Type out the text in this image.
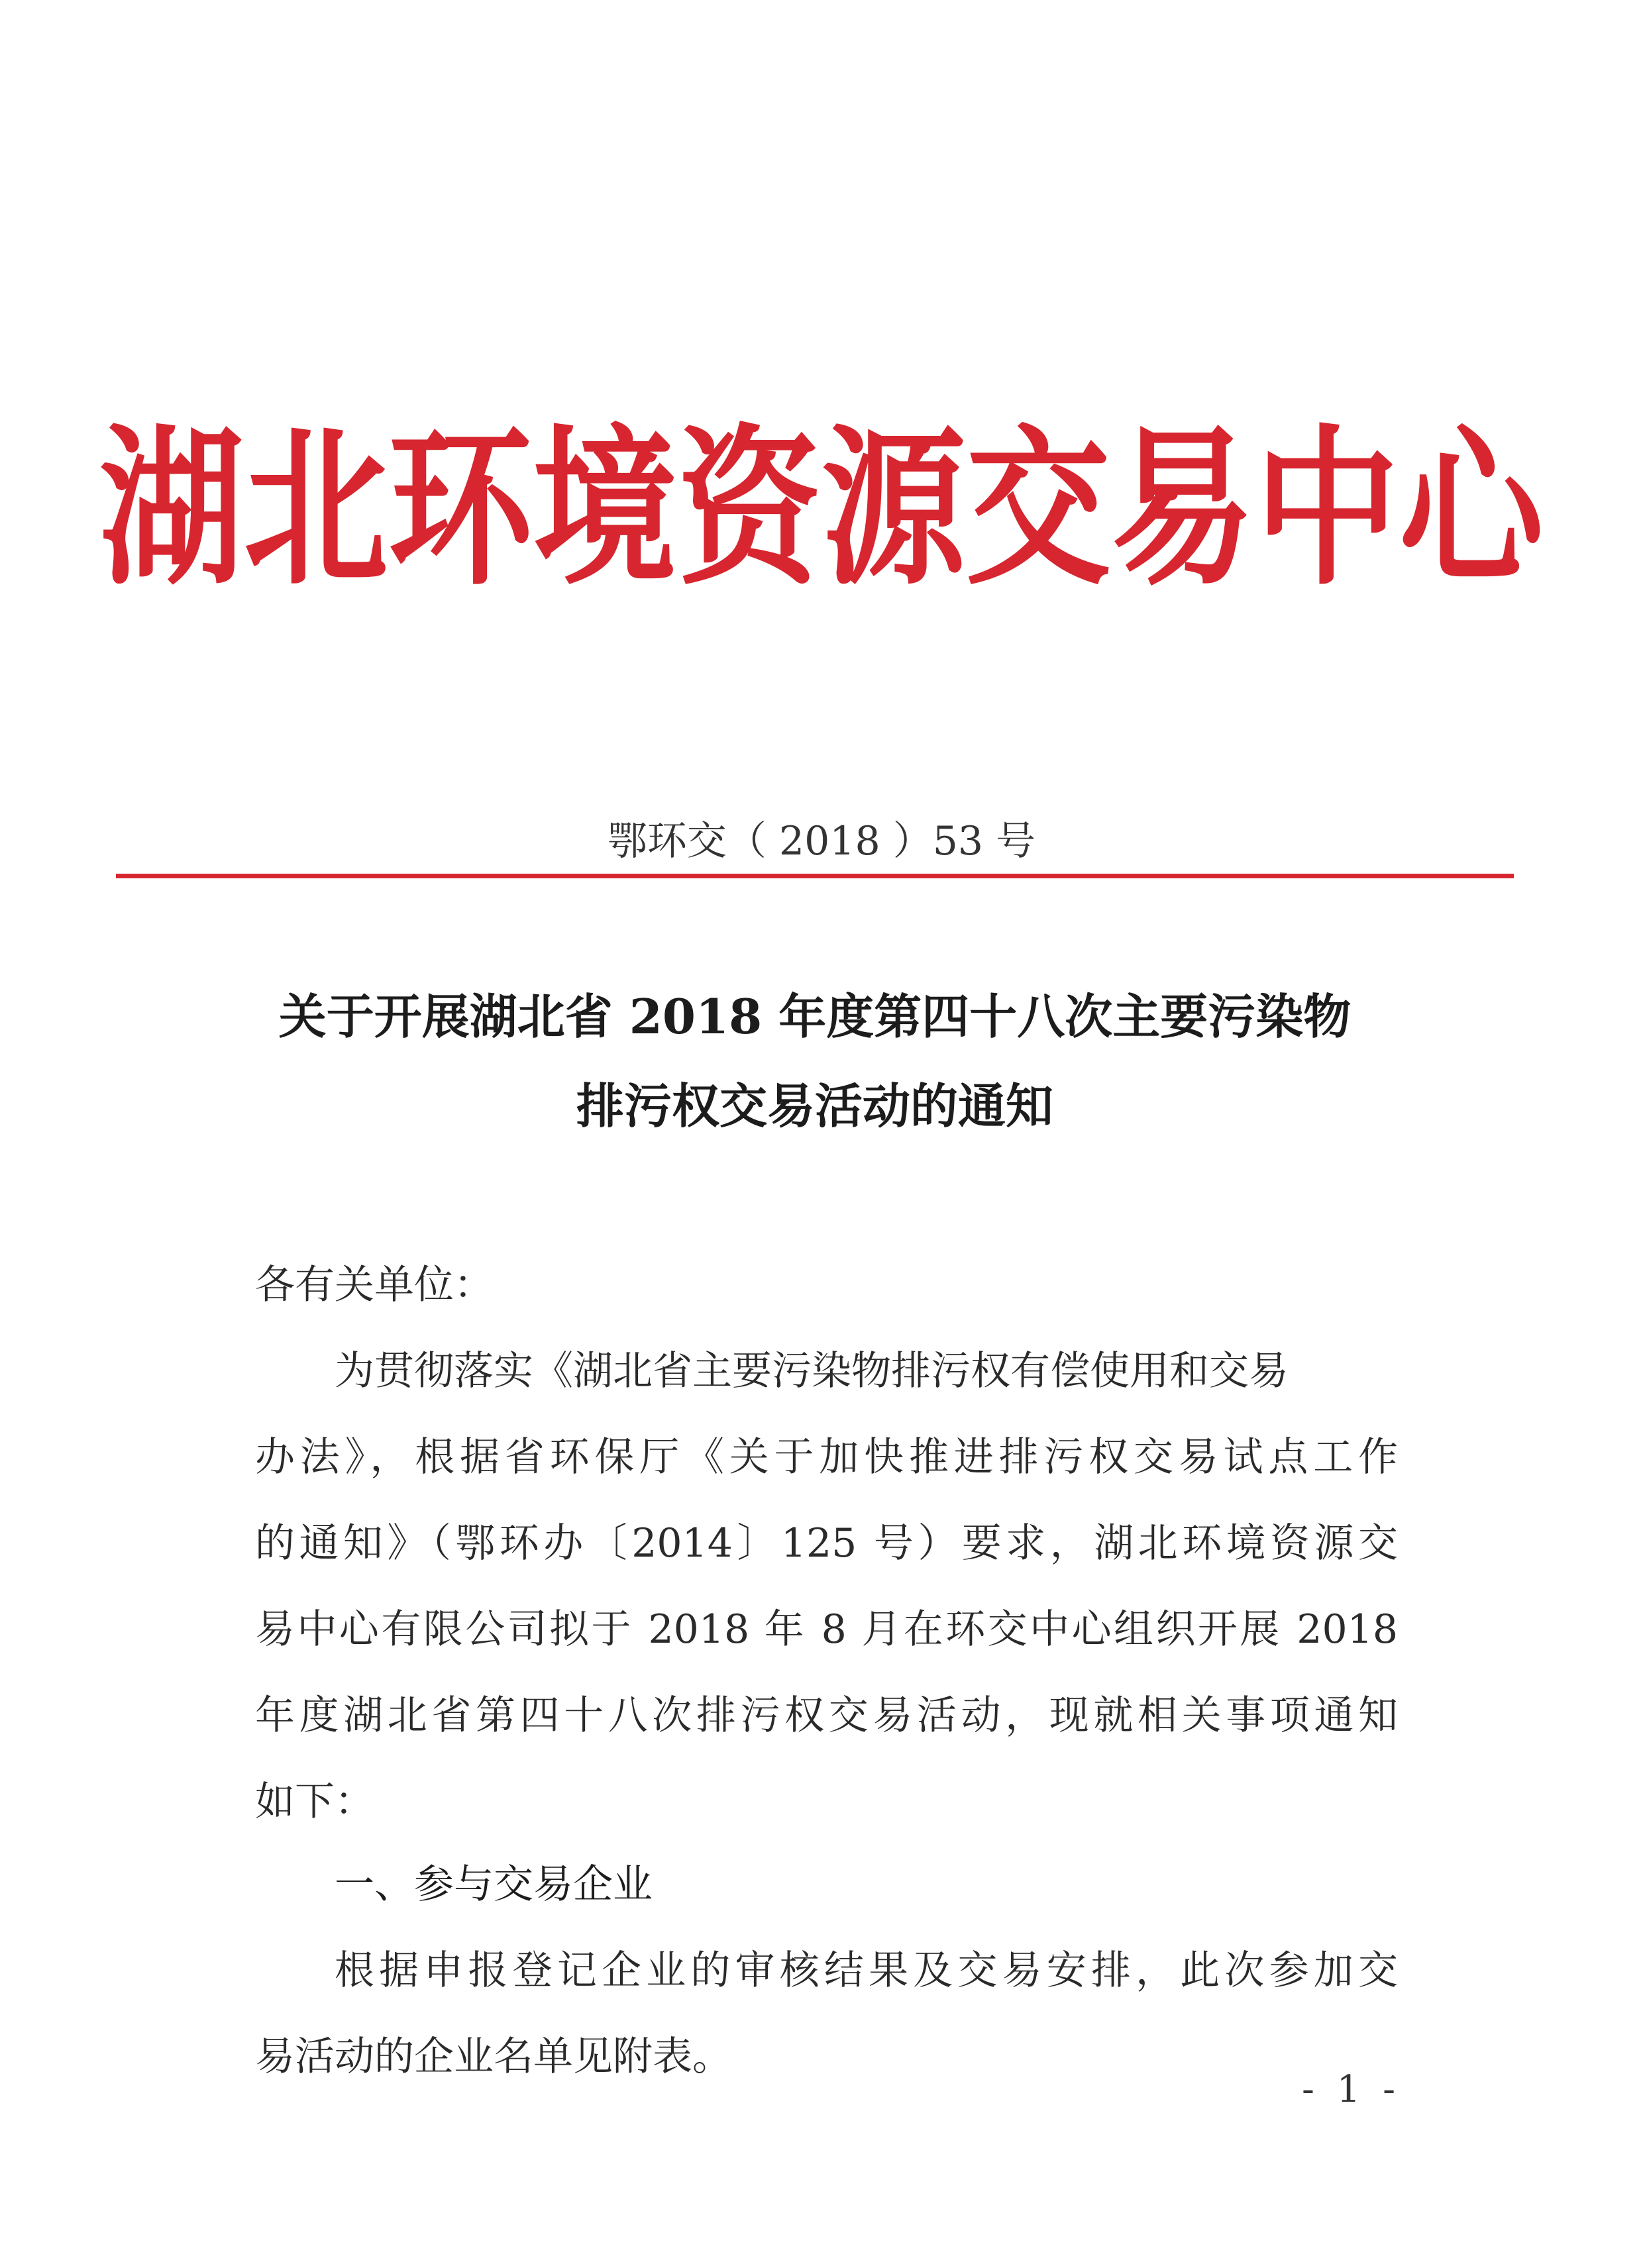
湖北环境资源交易中心
鄂环交（ 2018 ）53 号
关于开展湖北省 2018 年度第四十八次主要污染物
排污权交易活动的通知
各有关单位：
为贯彻落实《湖北省主要污染物排污权有偿使用和交易
办法》，根据省环保厅《关于加快推进排污权交易试点工作
的通知》（鄂环办〔2014〕125 号）要求，湖北环境资源交
易中心有限公司拟于 2018 年 8 月在环交中心组织开展 2018
年度湖北省第四十八次排污权交易活动，现就相关事项通知
如下：
一、参与交易企业
根据申报登记企业的审核结果及交易安排，此次参加交
易活动的企业名单见附表。
- 1 -
